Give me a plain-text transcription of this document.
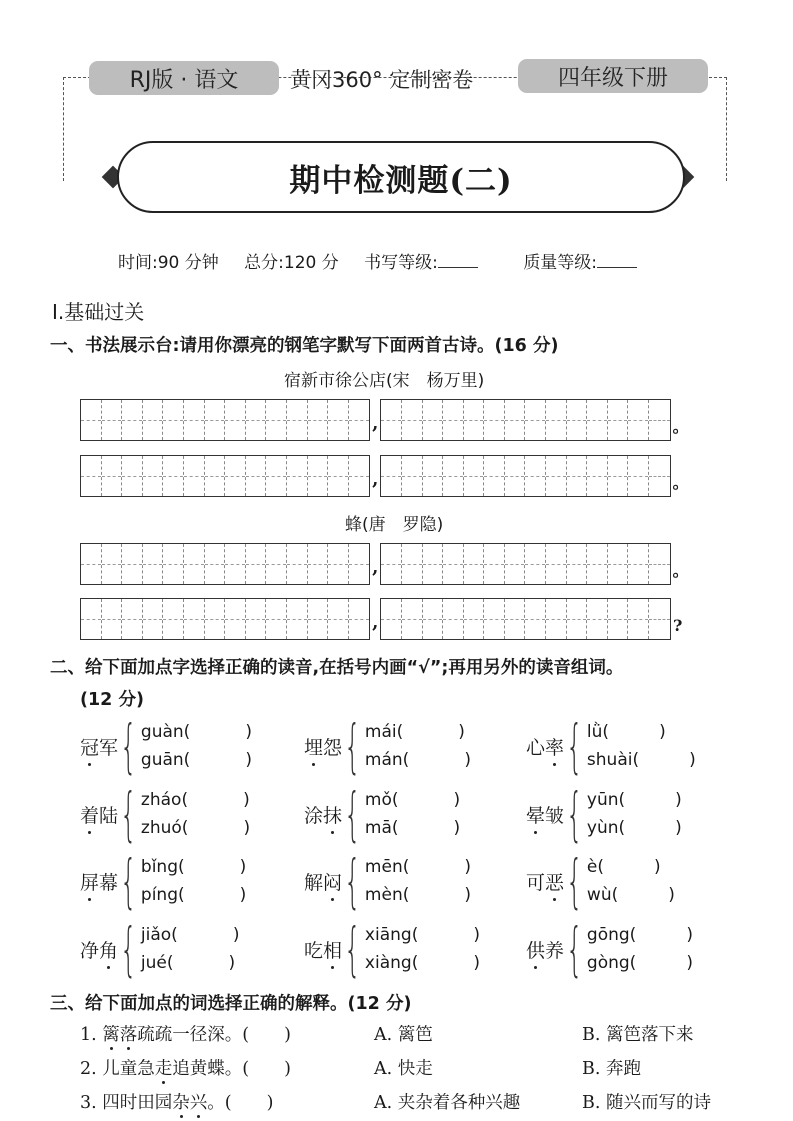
RJ版 · 语文	黄冈360° 定制密卷	四年级下册
期中检测题(二)
时间:90 分钟 总分:120 分 书写等级:	质量等级:
Ⅰ.基础过关
一、书法展示台:请用你漂亮的钢笔字默写下面两首古诗。(16 分)
宿新市徐公店(宋　杨万里)
,	。
,	。
蜂(唐　罗隐)
,	。
,	?
二、给下面加点字选择正确的读音,在括号内画“√”;再用另外的读音组词。
(12 分)
冠军 { guàn(	)
guān(	)
埋怨 { mái(	)
mán(	)
心率 { lǜ(	)
shuài(	)
着陆 { zháo(	)
zhuó(	)
涂抹 { mǒ(	)
mā(	)
晕皱 { yūn(	)
yùn(	)
屏幕 { bǐng(	)
píng(	)
解闷 { mēn(	)
mèn(	)
可恶 { è(	)
wù(	)
净角 { jiǎo(	)
jué(	)
吃相 { xiāng(	)
xiàng(	)
供养 { gōng(	)
gòng(	)
三、给下面加点的词选择正确的解释。(12 分)
1. 篱落疏疏一径深。(　　)	A. 篱笆	B. 篱笆落下来
2. 儿童急走追黄蝶。(　　)	A. 快走	B. 奔跑
3. 四时田园杂兴。(　　)	A. 夹杂着各种兴趣	B. 随兴而写的诗
